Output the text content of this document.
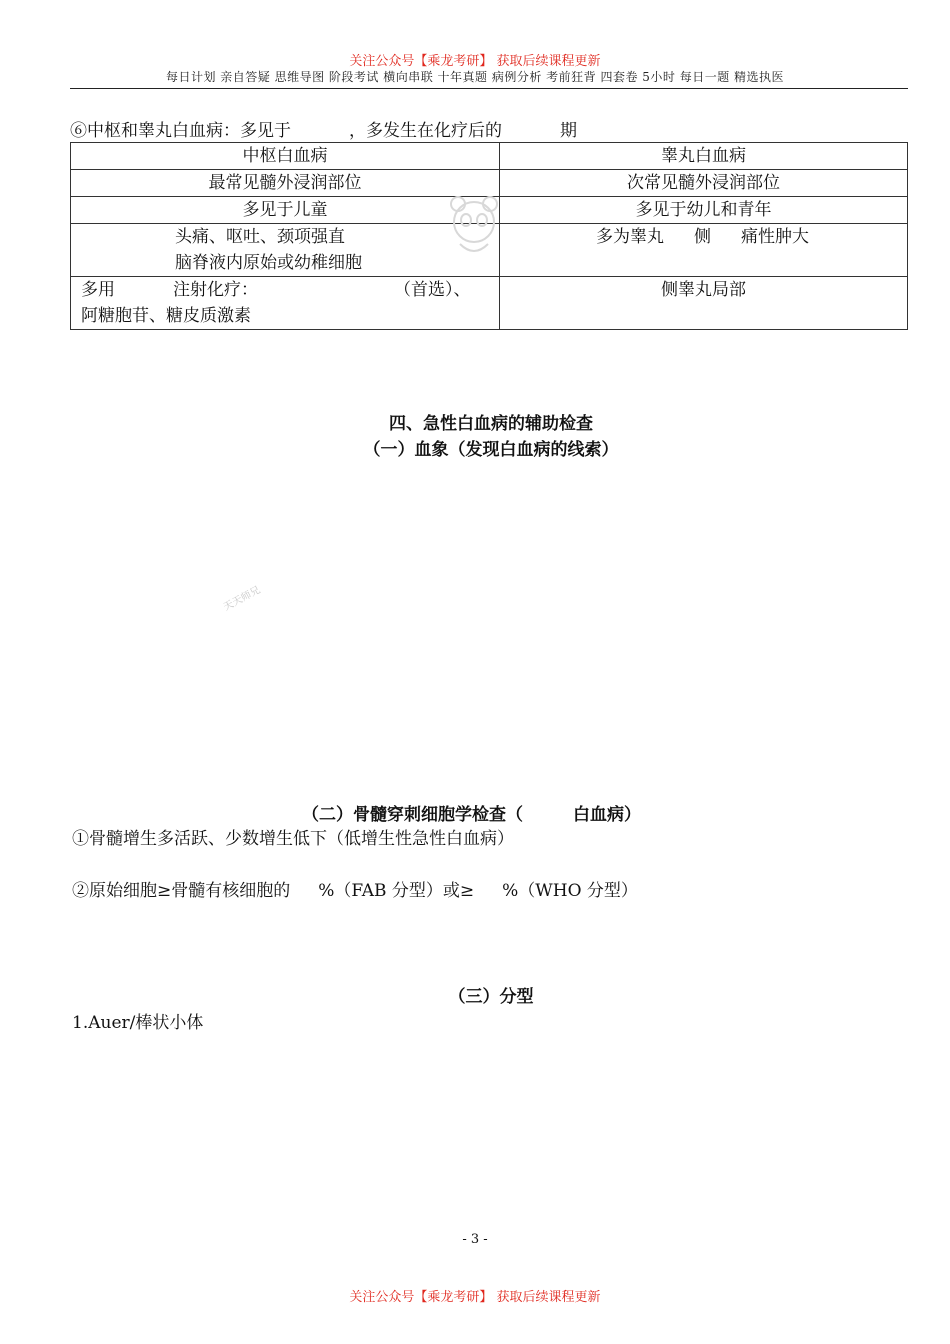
关注公众号【乘龙考研】 获取后续课程更新
每日计划 亲自答疑 思维导图 阶段考试 横向串联 十年真题 病例分析 考前狂背 四套卷 5小时 每日一题 精选执医
⑥中枢和睾丸白血病：多见于	，多发生在化疗后的	期
中枢白血病	睾丸白血病
最常见髓外浸润部位	次常见髓外浸润部位
多见于儿童	多见于幼儿和青年

头痛、呕吐、颈项强直
脑脊液内原始或幼稚细胞	多为睾丸 侧 痛性肿大

多用 注射化疗： （首选）、
阿糖胞苷、糖皮质激素	侧睾丸局部
四、急性白血病的辅助检查
（一）血象（发现白血病的线索）
天天师兄
（二）骨髓穿刺细胞学检查（	白血病）
①骨髓增生多活跃、少数增生低下（低增生性急性白血病）
②原始细胞≥骨髓有核细胞的 %（FAB 分型）或≥ %（WHO 分型）
（三）分型
1.Auer/棒状小体
- 3 -
关注公众号【乘龙考研】 获取后续课程更新
